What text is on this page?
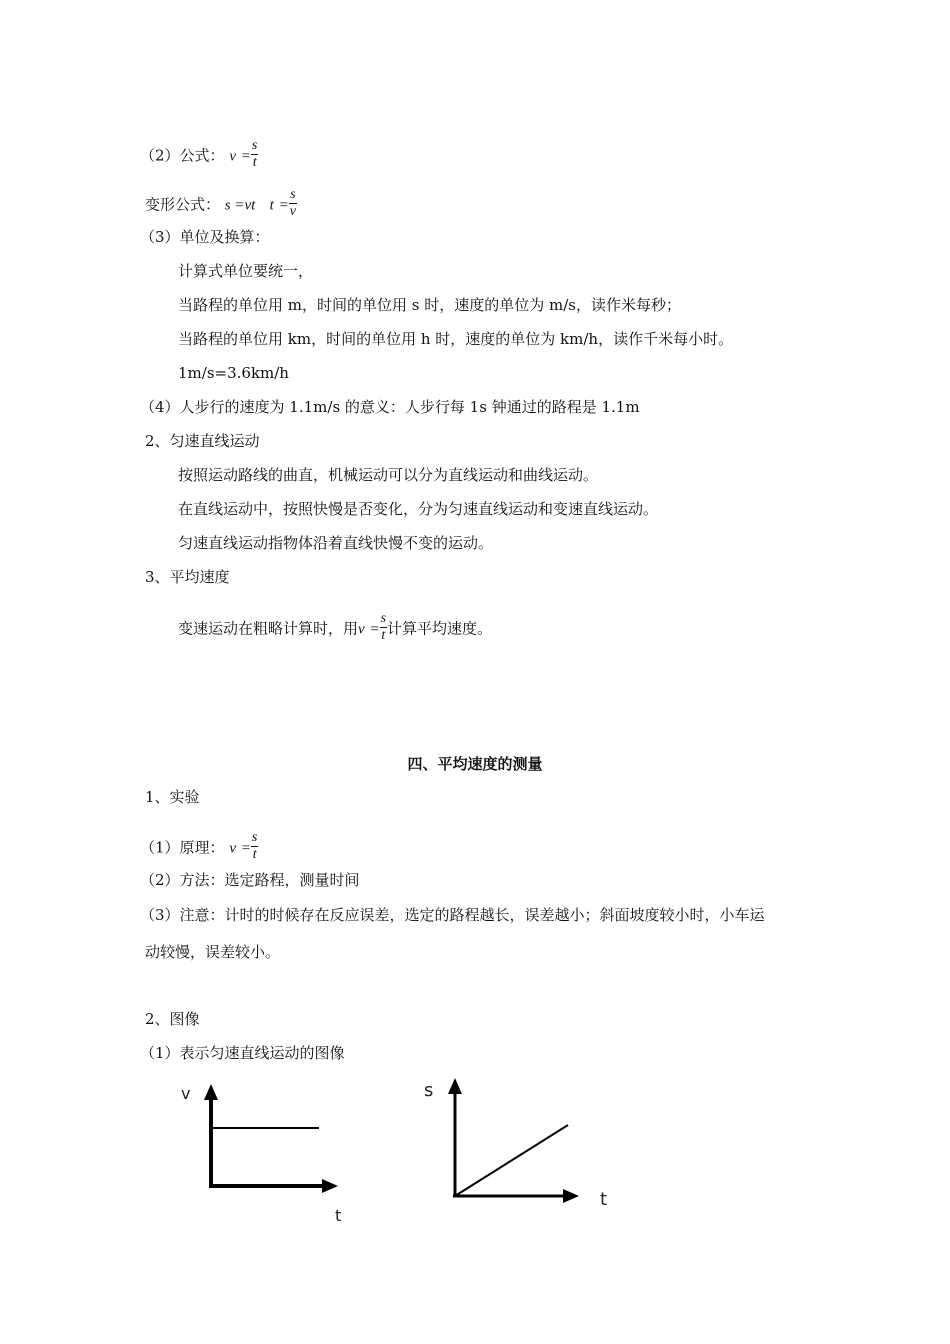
（2）公式： $v = \frac{s}{t}$
变形公式： s =vt $t = \frac{s}{v}$
（3）单位及换算：
计算式单位要统一，
当路程的单位用 m，时间的单位用 s 时，速度的单位为 m/s，读作米每秒；
当路程的单位用 km，时间的单位用 h 时，速度的单位为 km/h，读作千米每小时。
1m/s=3.6km/h
（4）人步行的速度为 1.1m/s 的意义：人步行每 1s 钟通过的路程是 1.1m
2、匀速直线运动
按照运动路线的曲直，机械运动可以分为直线运动和曲线运动。
在直线运动中，按照快慢是否变化，分为匀速直线运动和变速直线运动。
匀速直线运动指物体沿着直线快慢不变的运动。
3、平均速度
变速运动在粗略计算时，用$v = \frac{s}{t}$ 计算平均速度。
四、平均速度的测量
1、实验
（1）原理： $v = \frac{s}{t}$
（2）方法：选定路程，测量时间
（3）注意：计时的时候存在反应误差，选定的路程越长，误差越小；斜面坡度较小时，小车运
动较慢，误差较小。
2、图像
（1）表示匀速直线运动的图像
v
t
s
t
